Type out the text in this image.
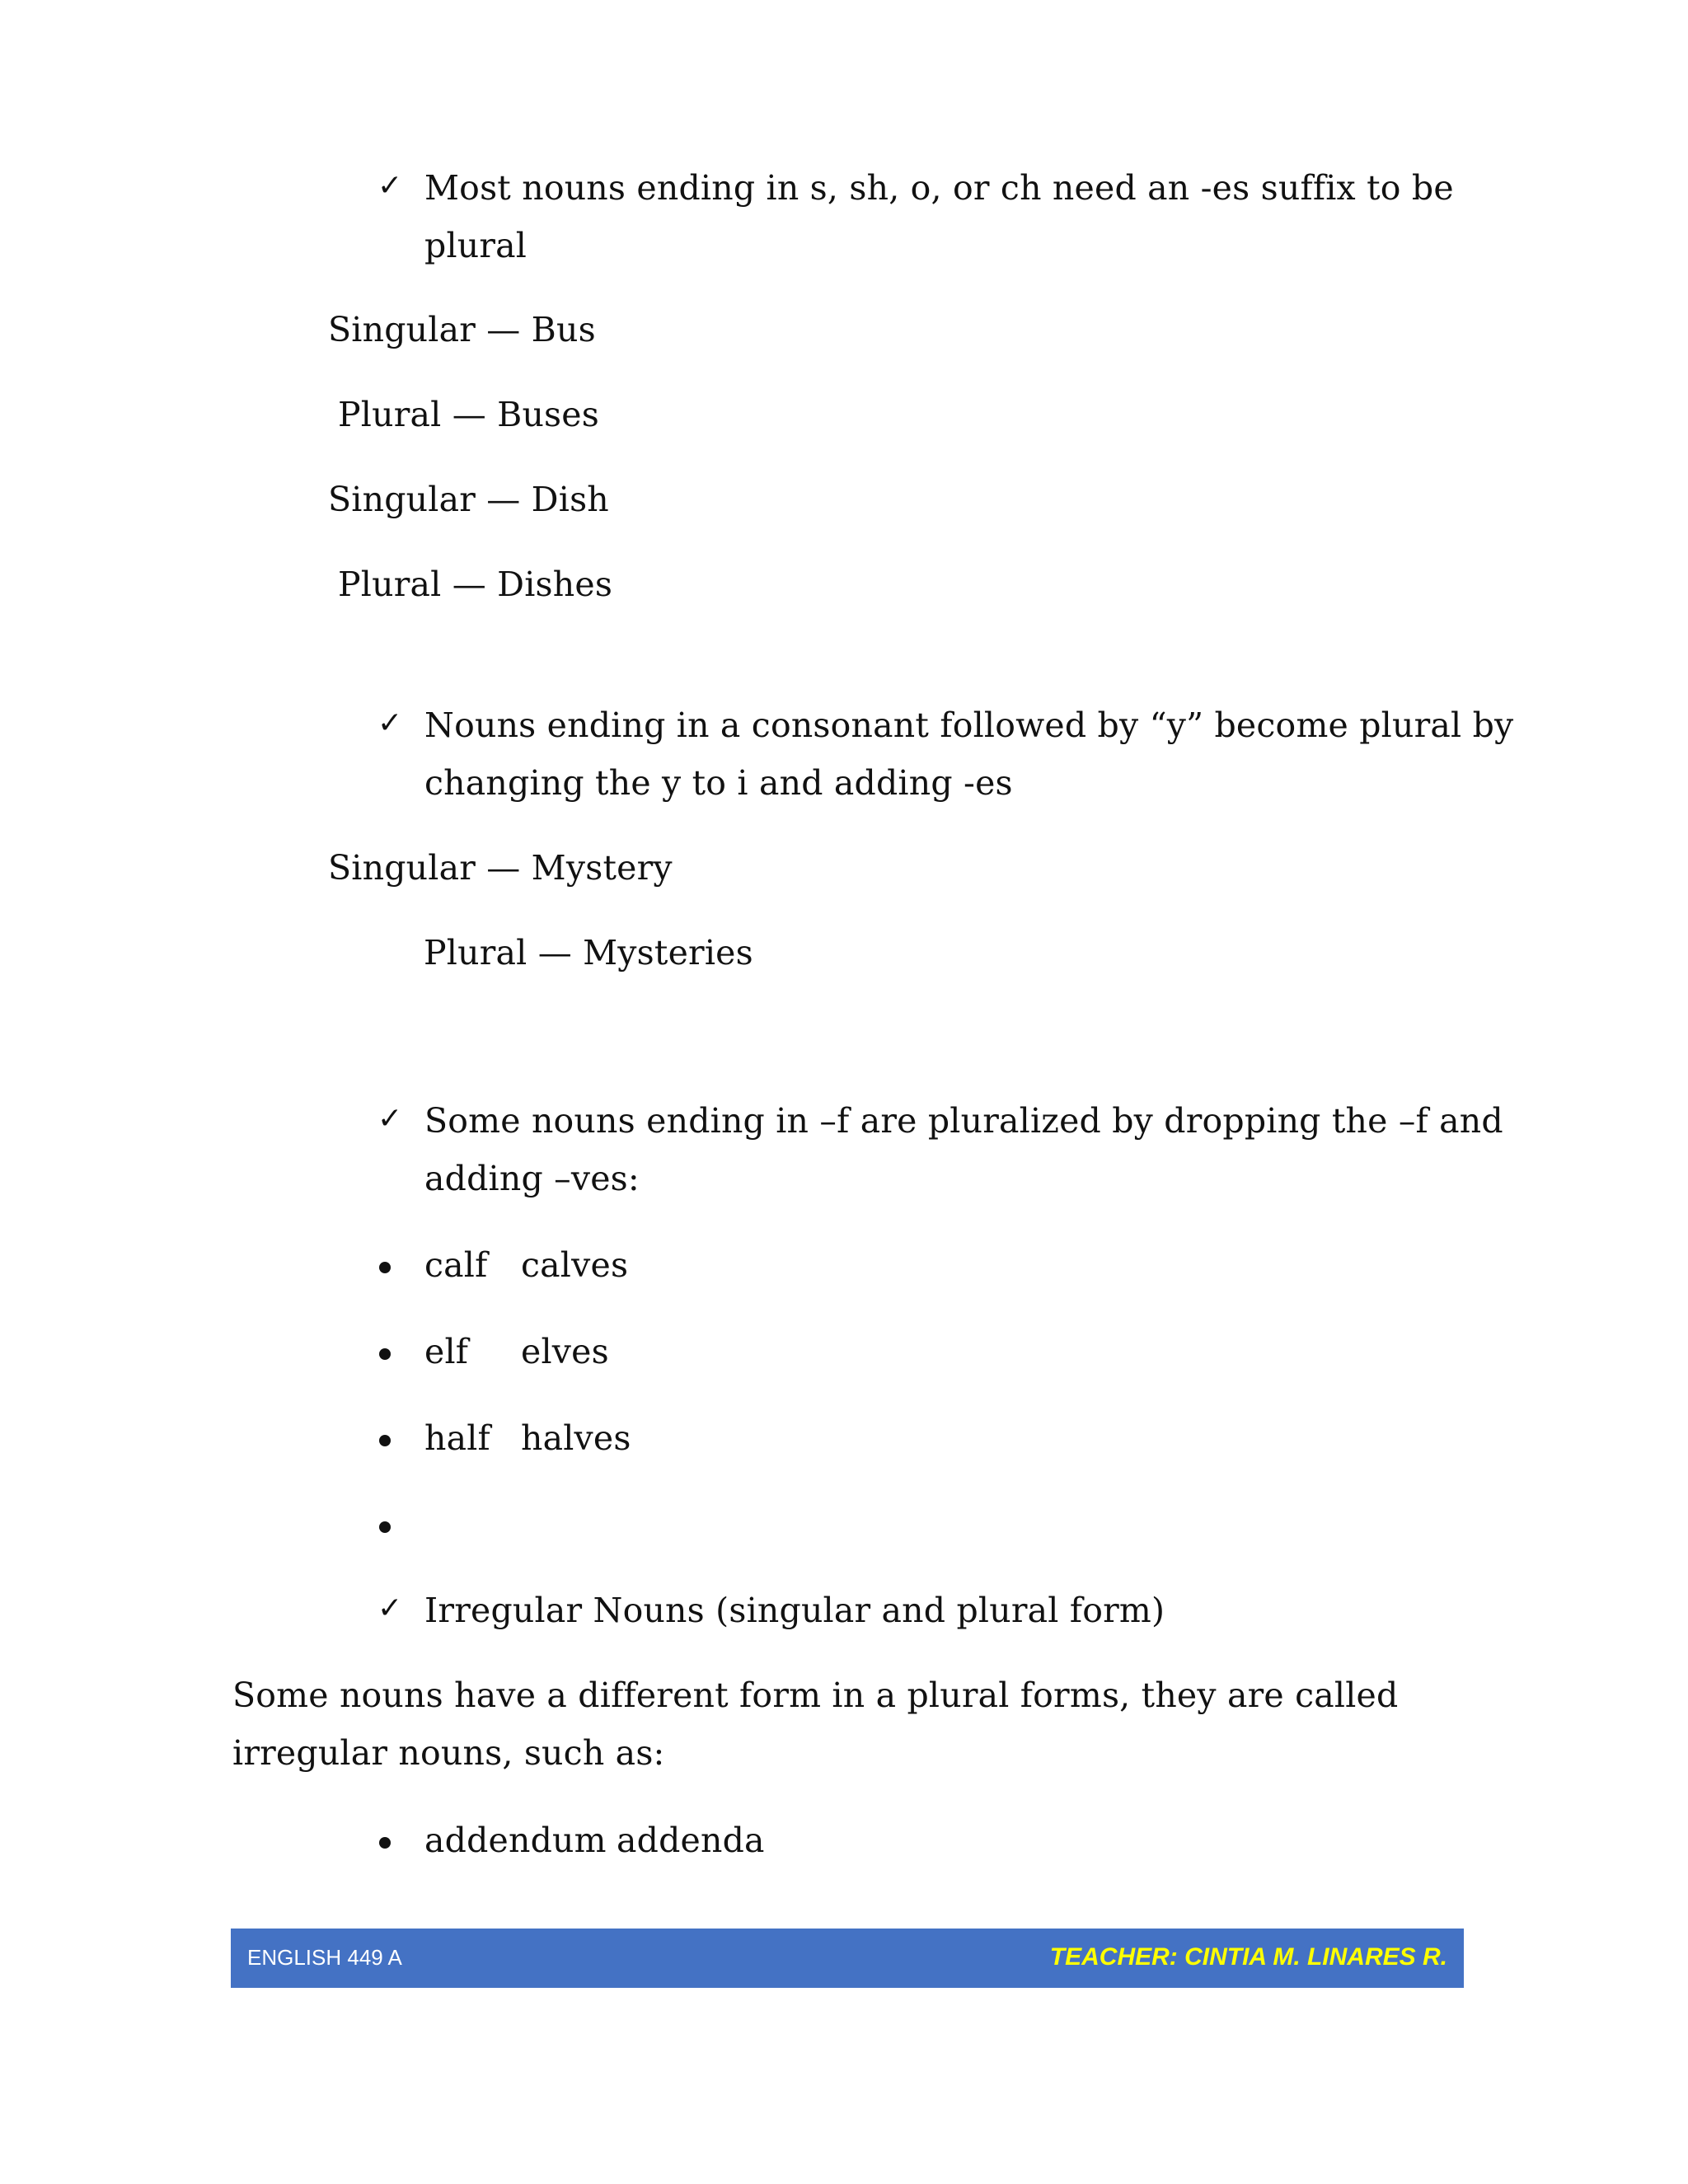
✓ Most nouns ending in s, sh, o, or ch need an -es suffix to be
plural
Singular — Bus
Plural — Buses
Singular — Dish
Plural — Dishes
✓ Nouns ending in a consonant followed by “y” become plural by
changing the y to i and adding -es
Singular — Mystery
Plural — Mysteries
✓ Some nouns ending in –f are pluralized by dropping the –f and
adding –ves:
calf calves
elf elves
half halves
✓ Irregular Nouns (singular and plural form)
Some nouns have a different form in a plural forms, they are called
irregular nouns, such as:
addendum addenda
ENGLISH 449 A	TEACHER: CINTIA M. LINARES R.
